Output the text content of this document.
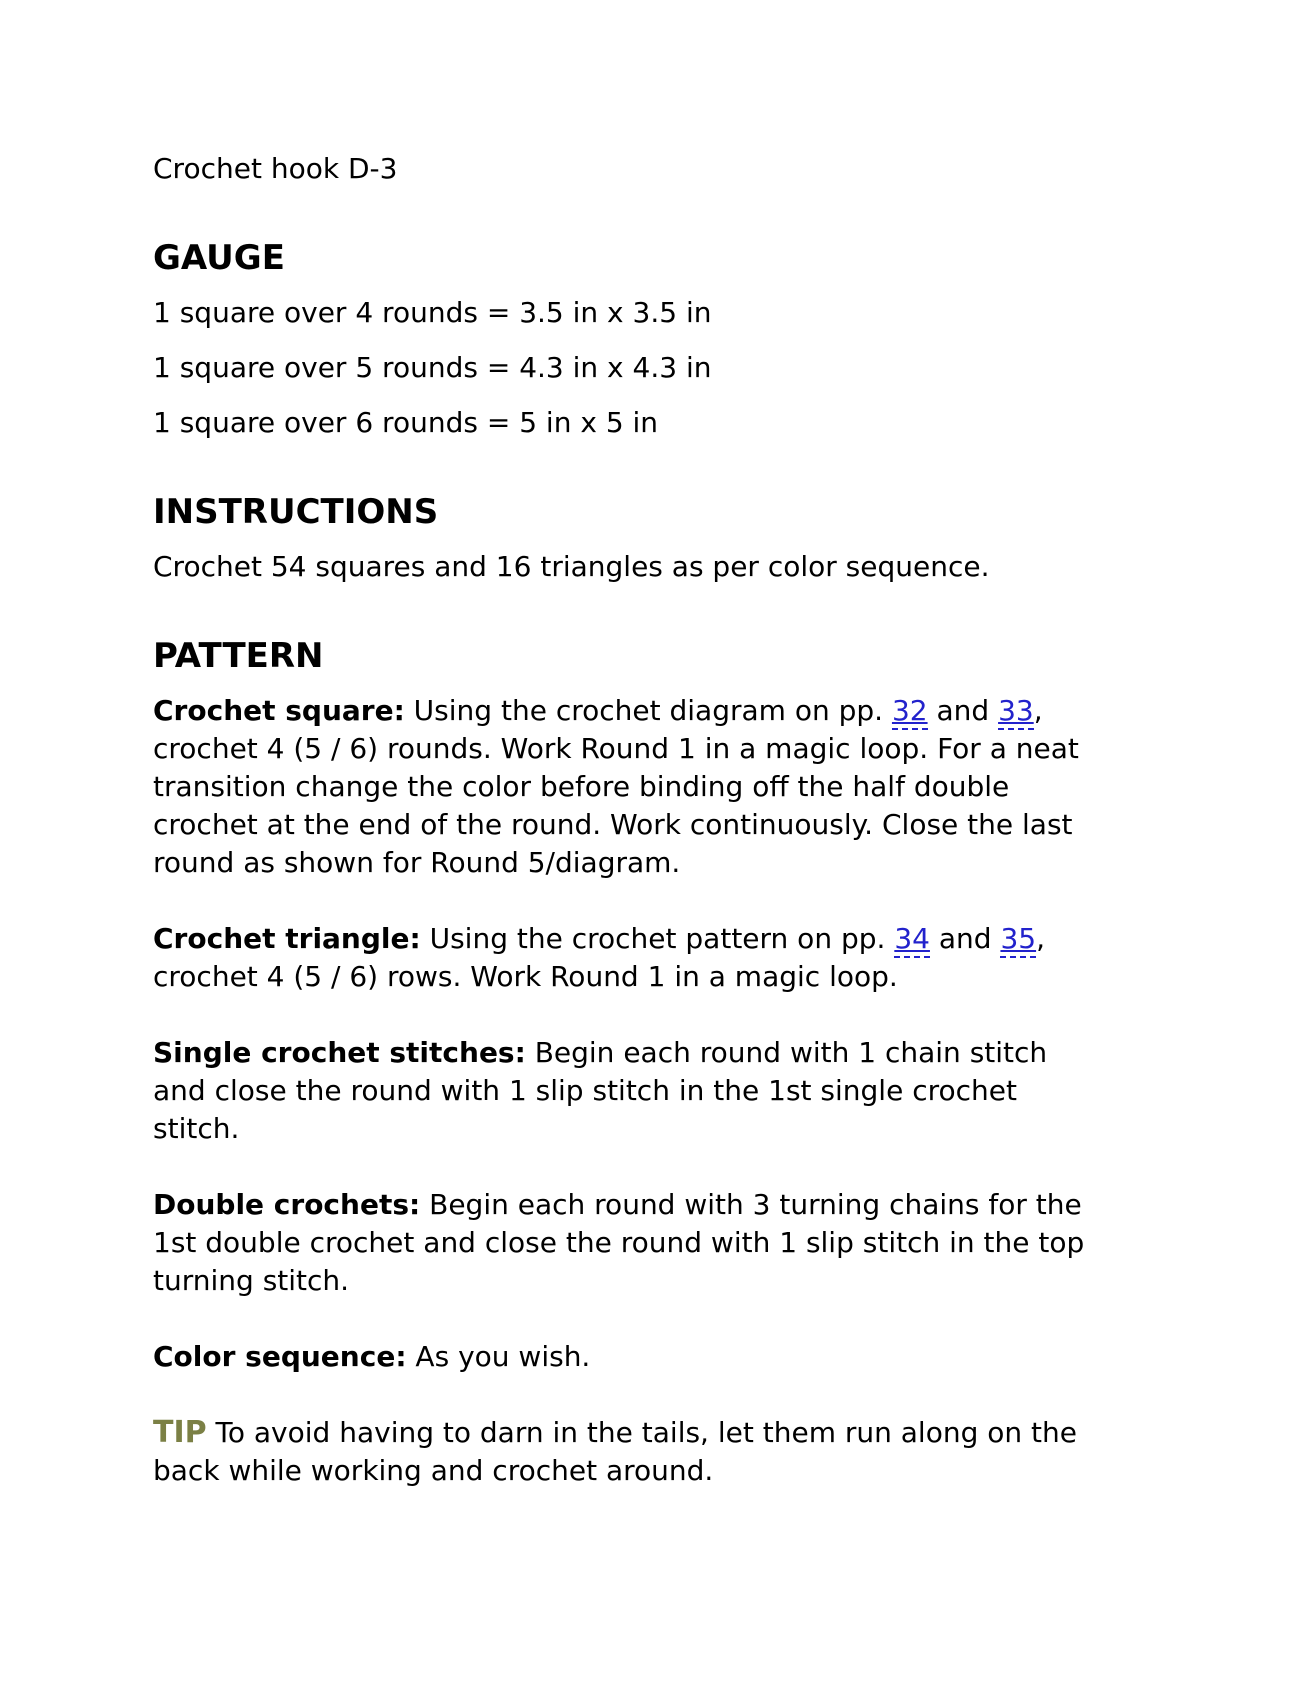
Crochet hook D-3

GAUGE

1 square over 4 rounds = 3.5 in x 3.5 in

1 square over 5 rounds = 4.3 in x 4.3 in

1 square over 6 rounds = 5 in x 5 in

INSTRUCTIONS

Crochet 54 squares and 16 triangles as per color sequence.

PATTERN

Crochet square: Using the crochet diagram on pp. 32 and 33, crochet 4 (5 / 6) rounds. Work Round 1 in a magic loop. For a neat transition change the color before binding off the half double crochet at the end of the round. Work continuously. Close the last round as shown for Round 5/diagram.

Crochet triangle: Using the crochet pattern on pp. 34 and 35, crochet 4 (5 / 6) rows. Work Round 1 in a magic loop.

Single crochet stitches: Begin each round with 1 chain stitch and close the round with 1 slip stitch in the 1st single crochet stitch.

Double crochets: Begin each round with 3 turning chains for the 1st double crochet and close the round with 1 slip stitch in the top turning stitch.

Color sequence: As you wish.

TIP To avoid having to darn in the tails, let them run along on the back while working and crochet around.
